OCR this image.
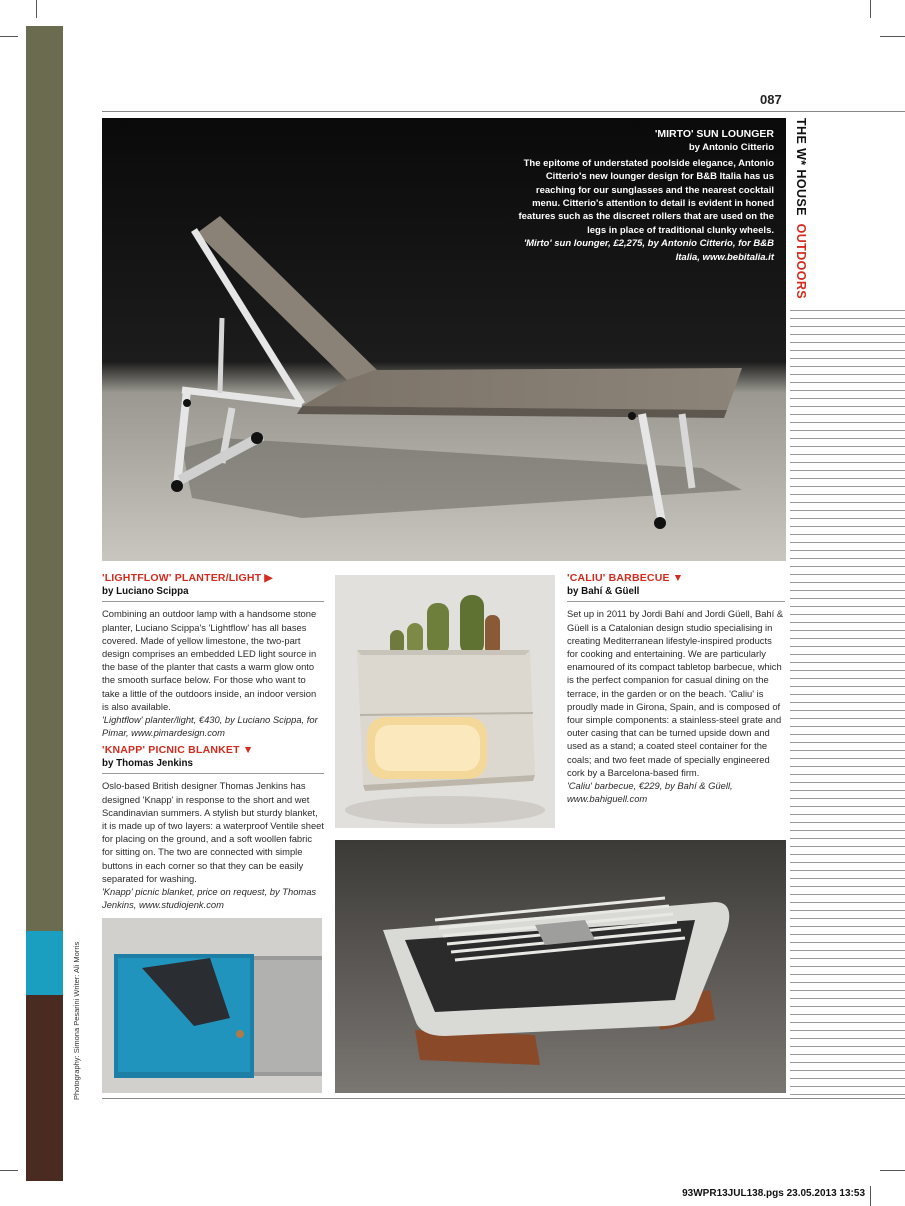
087
THE W* HOUSE  OUTDOORS
'MIRTO' SUN LOUNGER
by Antonio Citterio
The epitome of understated poolside elegance, Antonio Citterio's new lounger design for B&B Italia has us reaching for our sunglasses and the nearest cocktail menu. Citterio's attention to detail is evident in honed features such as the discreet rollers that are used on the legs in place of traditional clunky wheels.
'Mirto' sun lounger, £2,275, by Antonio Citterio, for B&B Italia, www.bebitalia.it
'LIGHTFLOW' PLANTER/LIGHT ▶
by Luciano Scippa

Combining an outdoor lamp with a handsome stone planter, Luciano Scippa's 'Lightflow' has all bases covered. Made of yellow limestone, the two-part design comprises an embedded LED light source in the base of the planter that casts a warm glow onto the smooth surface below. For those who want to take a little of the outdoors inside, an indoor version is also available.

'Lightflow' planter/light, €430, by Luciano Scippa, for Pimar, www.pimardesign.com

'KNAPP' PICNIC BLANKET ▼
by Thomas Jenkins

Oslo-based British designer Thomas Jenkins has designed 'Knapp' in response to the short and wet Scandinavian summers. A stylish but sturdy blanket, it is made up of two layers: a waterproof Ventile sheet for placing on the ground, and a soft woollen fabric for sitting on. The two are connected with simple buttons in each corner so that they can be easily separated for washing.

'Knapp' picnic blanket, price on request, by Thomas Jenkins, www.studiojenk.com

'CALIU' BARBECUE ▼
by Bahí & Güell

Set up in 2011 by Jordi Bahí and Jordi Güell, Bahí & Güell is a Catalonian design studio specialising in creating Mediterranean lifestyle-inspired products for cooking and entertaining. We are particularly enamoured of its compact tabletop barbecue, which is the perfect companion for casual dining on the terrace, in the garden or on the beach. 'Caliu' is proudly made in Girona, Spain, and is composed of four simple components: a stainless-steel grate and outer casing that can be turned upside down and used as a stand; a coated steel container for the coals; and two feet made of specially engineered cork by a Barcelona-based firm.

'Caliu' barbecue, €229, by Bahí & Güell, www.bahiguell.com

Photography: Simona Pesarini Writer: Ali Morris
93WPR13JUL138.pgs 23.05.2013 13:53
